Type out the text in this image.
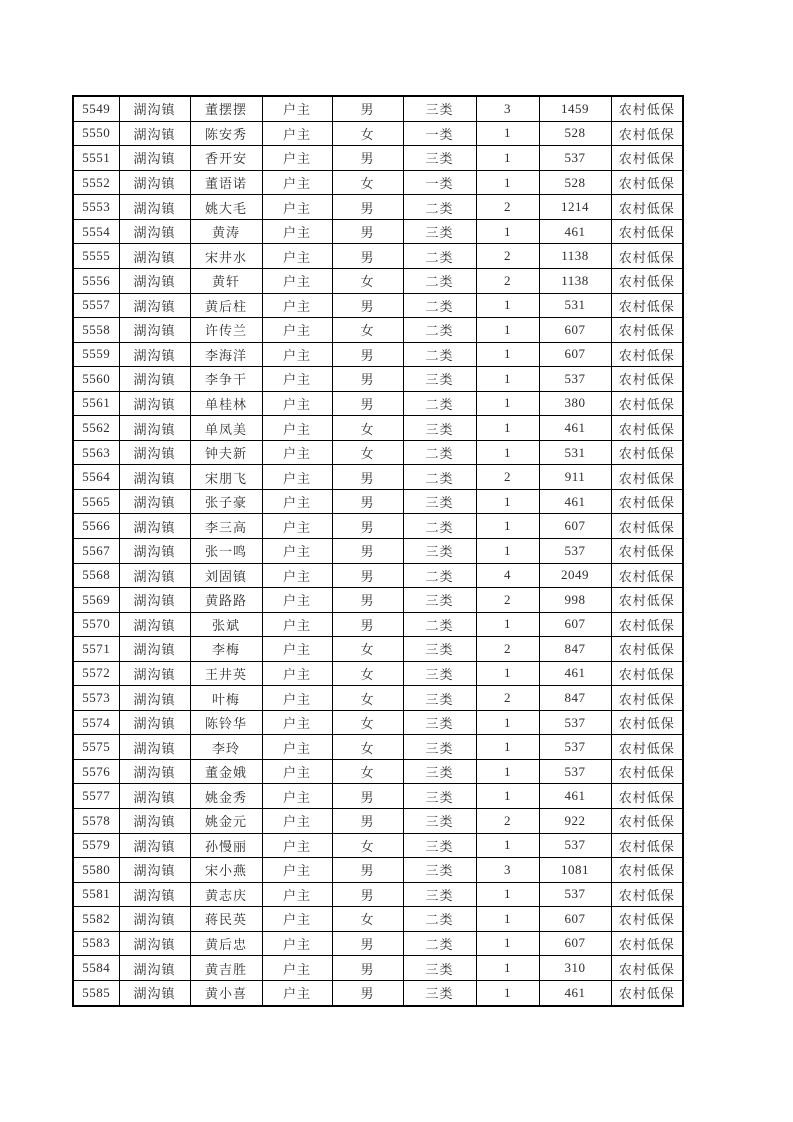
5549	湖沟镇	董摆摆	户主	男	三类	3	1459	农村低保
5550	湖沟镇	陈安秀	户主	女	一类	1	528	农村低保
5551	湖沟镇	香开安	户主	男	三类	1	537	农村低保
5552	湖沟镇	董语诺	户主	女	一类	1	528	农村低保
5553	湖沟镇	姚大毛	户主	男	二类	2	1214	农村低保
5554	湖沟镇	黄涛	户主	男	三类	1	461	农村低保
5555	湖沟镇	宋井水	户主	男	二类	2	1138	农村低保
5556	湖沟镇	黄轩	户主	女	二类	2	1138	农村低保
5557	湖沟镇	黄后柱	户主	男	二类	1	531	农村低保
5558	湖沟镇	许传兰	户主	女	二类	1	607	农村低保
5559	湖沟镇	李海洋	户主	男	二类	1	607	农村低保
5560	湖沟镇	李争干	户主	男	三类	1	537	农村低保
5561	湖沟镇	单桂林	户主	男	二类	1	380	农村低保
5562	湖沟镇	单凤美	户主	女	三类	1	461	农村低保
5563	湖沟镇	钟夫新	户主	女	二类	1	531	农村低保
5564	湖沟镇	宋朋飞	户主	男	二类	2	911	农村低保
5565	湖沟镇	张子豪	户主	男	三类	1	461	农村低保
5566	湖沟镇	李三高	户主	男	二类	1	607	农村低保
5567	湖沟镇	张一鸣	户主	男	三类	1	537	农村低保
5568	湖沟镇	刘固镇	户主	男	二类	4	2049	农村低保
5569	湖沟镇	黄路路	户主	男	三类	2	998	农村低保
5570	湖沟镇	张斌	户主	男	二类	1	607	农村低保
5571	湖沟镇	李梅	户主	女	三类	2	847	农村低保
5572	湖沟镇	王井英	户主	女	三类	1	461	农村低保
5573	湖沟镇	叶梅	户主	女	三类	2	847	农村低保
5574	湖沟镇	陈铃华	户主	女	三类	1	537	农村低保
5575	湖沟镇	李玲	户主	女	三类	1	537	农村低保
5576	湖沟镇	董金娥	户主	女	三类	1	537	农村低保
5577	湖沟镇	姚金秀	户主	男	三类	1	461	农村低保
5578	湖沟镇	姚金元	户主	男	三类	2	922	农村低保
5579	湖沟镇	孙慢丽	户主	女	三类	1	537	农村低保
5580	湖沟镇	宋小燕	户主	男	三类	3	1081	农村低保
5581	湖沟镇	黄志庆	户主	男	三类	1	537	农村低保
5582	湖沟镇	蒋民英	户主	女	二类	1	607	农村低保
5583	湖沟镇	黄后忠	户主	男	二类	1	607	农村低保
5584	湖沟镇	黄吉胜	户主	男	三类	1	310	农村低保
5585	湖沟镇	黄小喜	户主	男	三类	1	461	农村低保
